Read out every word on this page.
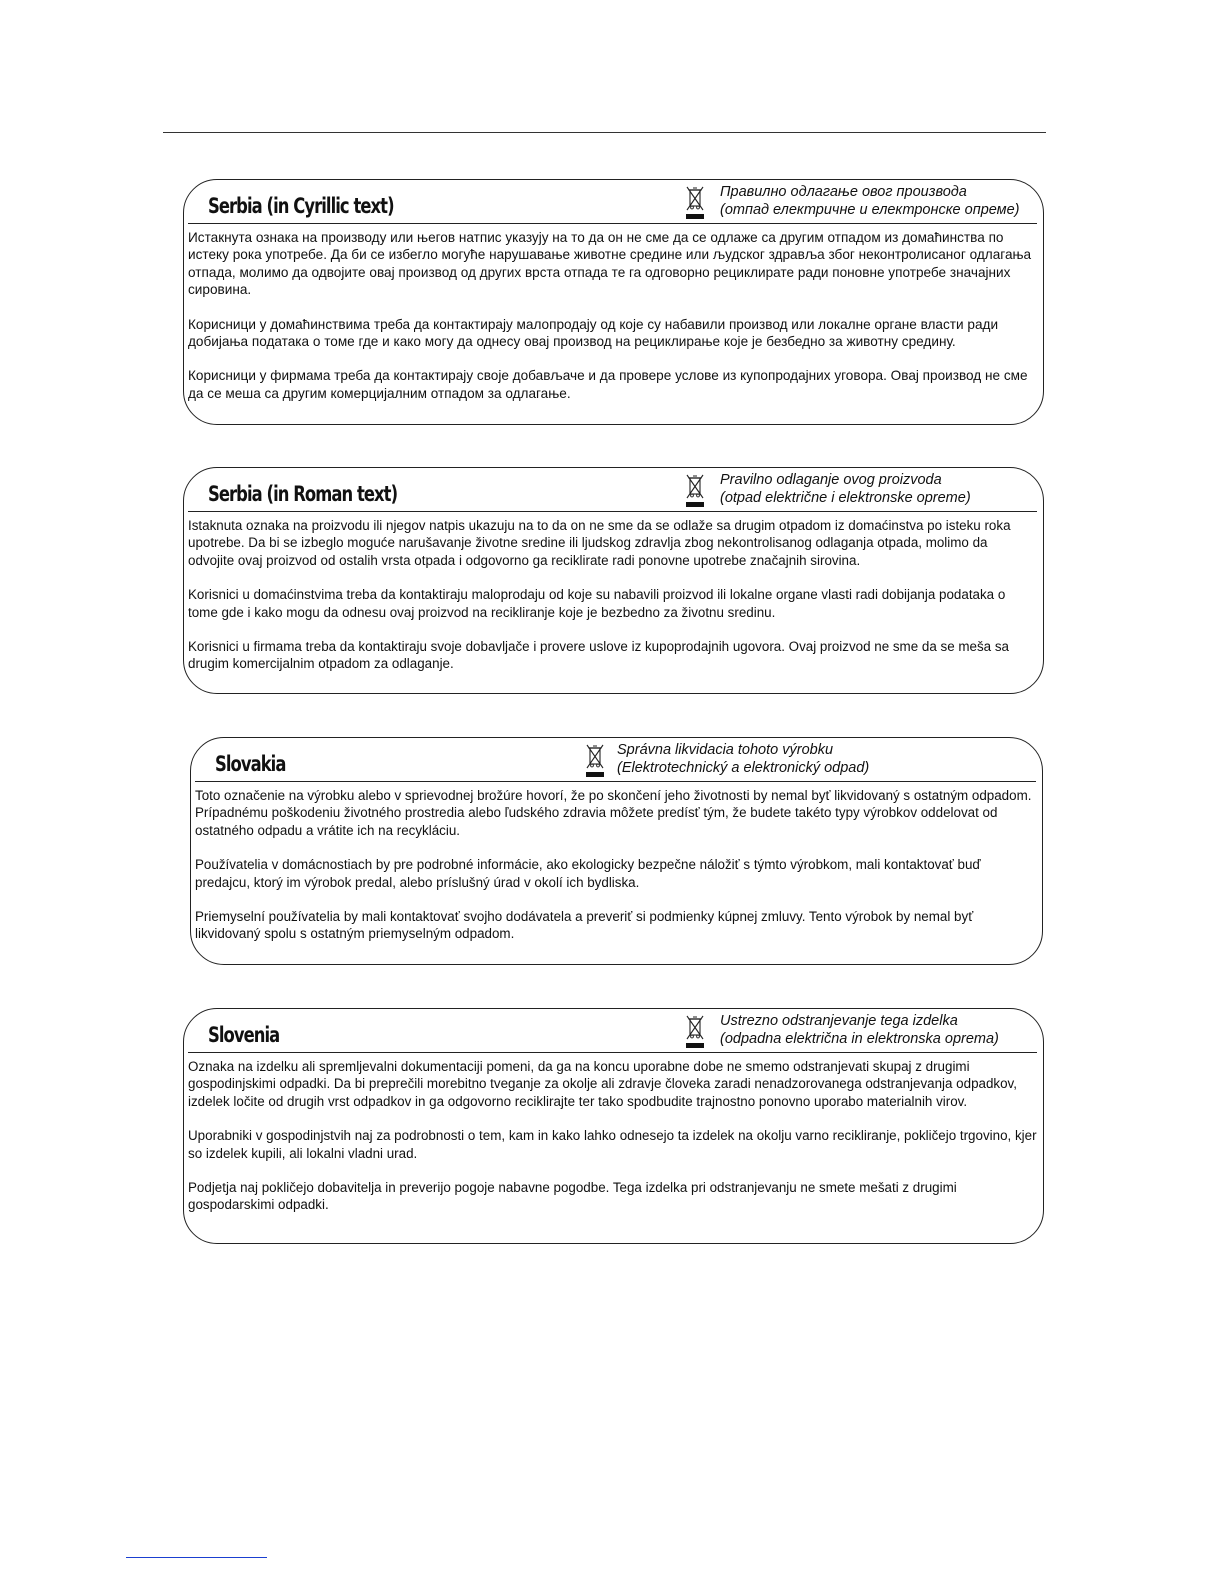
Serbia (in Cyrillic text)
Правилно одлагање овог производа
(отпад електричне и електронске опреме)

Истакнута ознака на производу или његов натпис указују на то да он не сме да се одлаже са другим отпадом из домаћинства по истеку рока употребе. Да би се избегло могуће нарушавање животне средине или људског здравља због неконтролисаног одлагања отпада, молимо да одвојите овај производ од других врста отпада те га одговорно рециклирате ради поновне употребе значајних сировина.

Корисници у домаћинствима треба да контактирају малопродају од које су набавили производ или локалне органе власти ради добијања података о томе где и како могу да однесу овај производ на рециклирање које је безбедно за животну средину.

Корисници у фирмама треба да контактирају своје добављаче и да провере услове из купопродајних уговора. Овај производ не сме да се меша са другим комерцијалним отпадом за одлагање.

Serbia (in Roman text)
Pravilno odlaganje ovog proizvoda
(otpad električne i elektronske opreme)

Istaknuta oznaka na proizvodu ili njegov natpis ukazuju na to da on ne sme da se odlaže sa drugim otpadom iz domaćinstva po isteku roka upotrebe. Da bi se izbeglo moguće narušavanje životne sredine ili ljudskog zdravlja zbog nekontrolisanog odlaganja otpada, molimo da odvojite ovaj proizvod od ostalih vrsta otpada i odgovorno ga reciklirate radi ponovne upotrebe značajnih sirovina.

Korisnici u domaćinstvima treba da kontaktiraju maloprodaju od koje su nabavili proizvod ili lokalne organe vlasti radi dobijanja podataka o tome gde i kako mogu da odnesu ovaj proizvod na recikliranje koje je bezbedno za životnu sredinu.

Korisnici u firmama treba da kontaktiraju svoje dobavljače i provere uslove iz kupoprodajnih ugovora. Ovaj proizvod ne sme da se meša sa drugim komercijalnim otpadom za odlaganje.

Slovakia
Správna likvidacia tohoto výrobku
(Elektrotechnický a elektronický odpad)

Toto označenie na výrobku alebo v sprievodnej brožúre hovorí, že po skončení jeho životnosti by nemal byť likvidovaný s ostatným odpadom. Prípadnému poškodeniu životného prostredia alebo ľudského zdravia môžete predísť tým, že budete takéto typy výrobkov oddelovat od ostatného odpadu a vrátite ich na recykláciu.

Používatelia v domácnostiach by pre podrobné informácie, ako ekologicky bezpečne náložiť s týmto výrobkom, mali kontaktovať buď predajcu, ktorý im výrobok predal, alebo príslušný úrad v okolí ich bydliska.

Priemyselní používatelia by mali kontaktovať svojho dodávatela a preveriť si podmienky kúpnej zmluvy. Tento výrobok by nemal byť likvidovaný spolu s ostatným priemyselným odpadom.

Slovenia
Ustrezno odstranjevanje tega izdelka
(odpadna električna in elektronska oprema)

Oznaka na izdelku ali spremljevalni dokumentaciji pomeni, da ga na koncu uporabne dobe ne smemo odstranjevati skupaj z drugimi gospodinjskimi odpadki. Da bi preprečili morebitno tveganje za okolje ali zdravje človeka zaradi nenadzorovanega odstranjevanja odpadkov, izdelek ločite od drugih vrst odpadkov in ga odgovorno reciklirajte ter tako spodbudite trajnostno ponovno uporabo materialnih virov.

Uporabniki v gospodinjstvih naj za podrobnosti o tem, kam in kako lahko odnesejo ta izdelek na okolju varno recikliranje, pokličejo trgovino, kjer so izdelek kupili, ali lokalni vladni urad.

Podjetja naj pokličejo dobavitelja in preverijo pogoje nabavne pogodbe. Tega izdelka pri odstranjevanju ne smete mešati z drugimi gospodarskimi odpadki.
